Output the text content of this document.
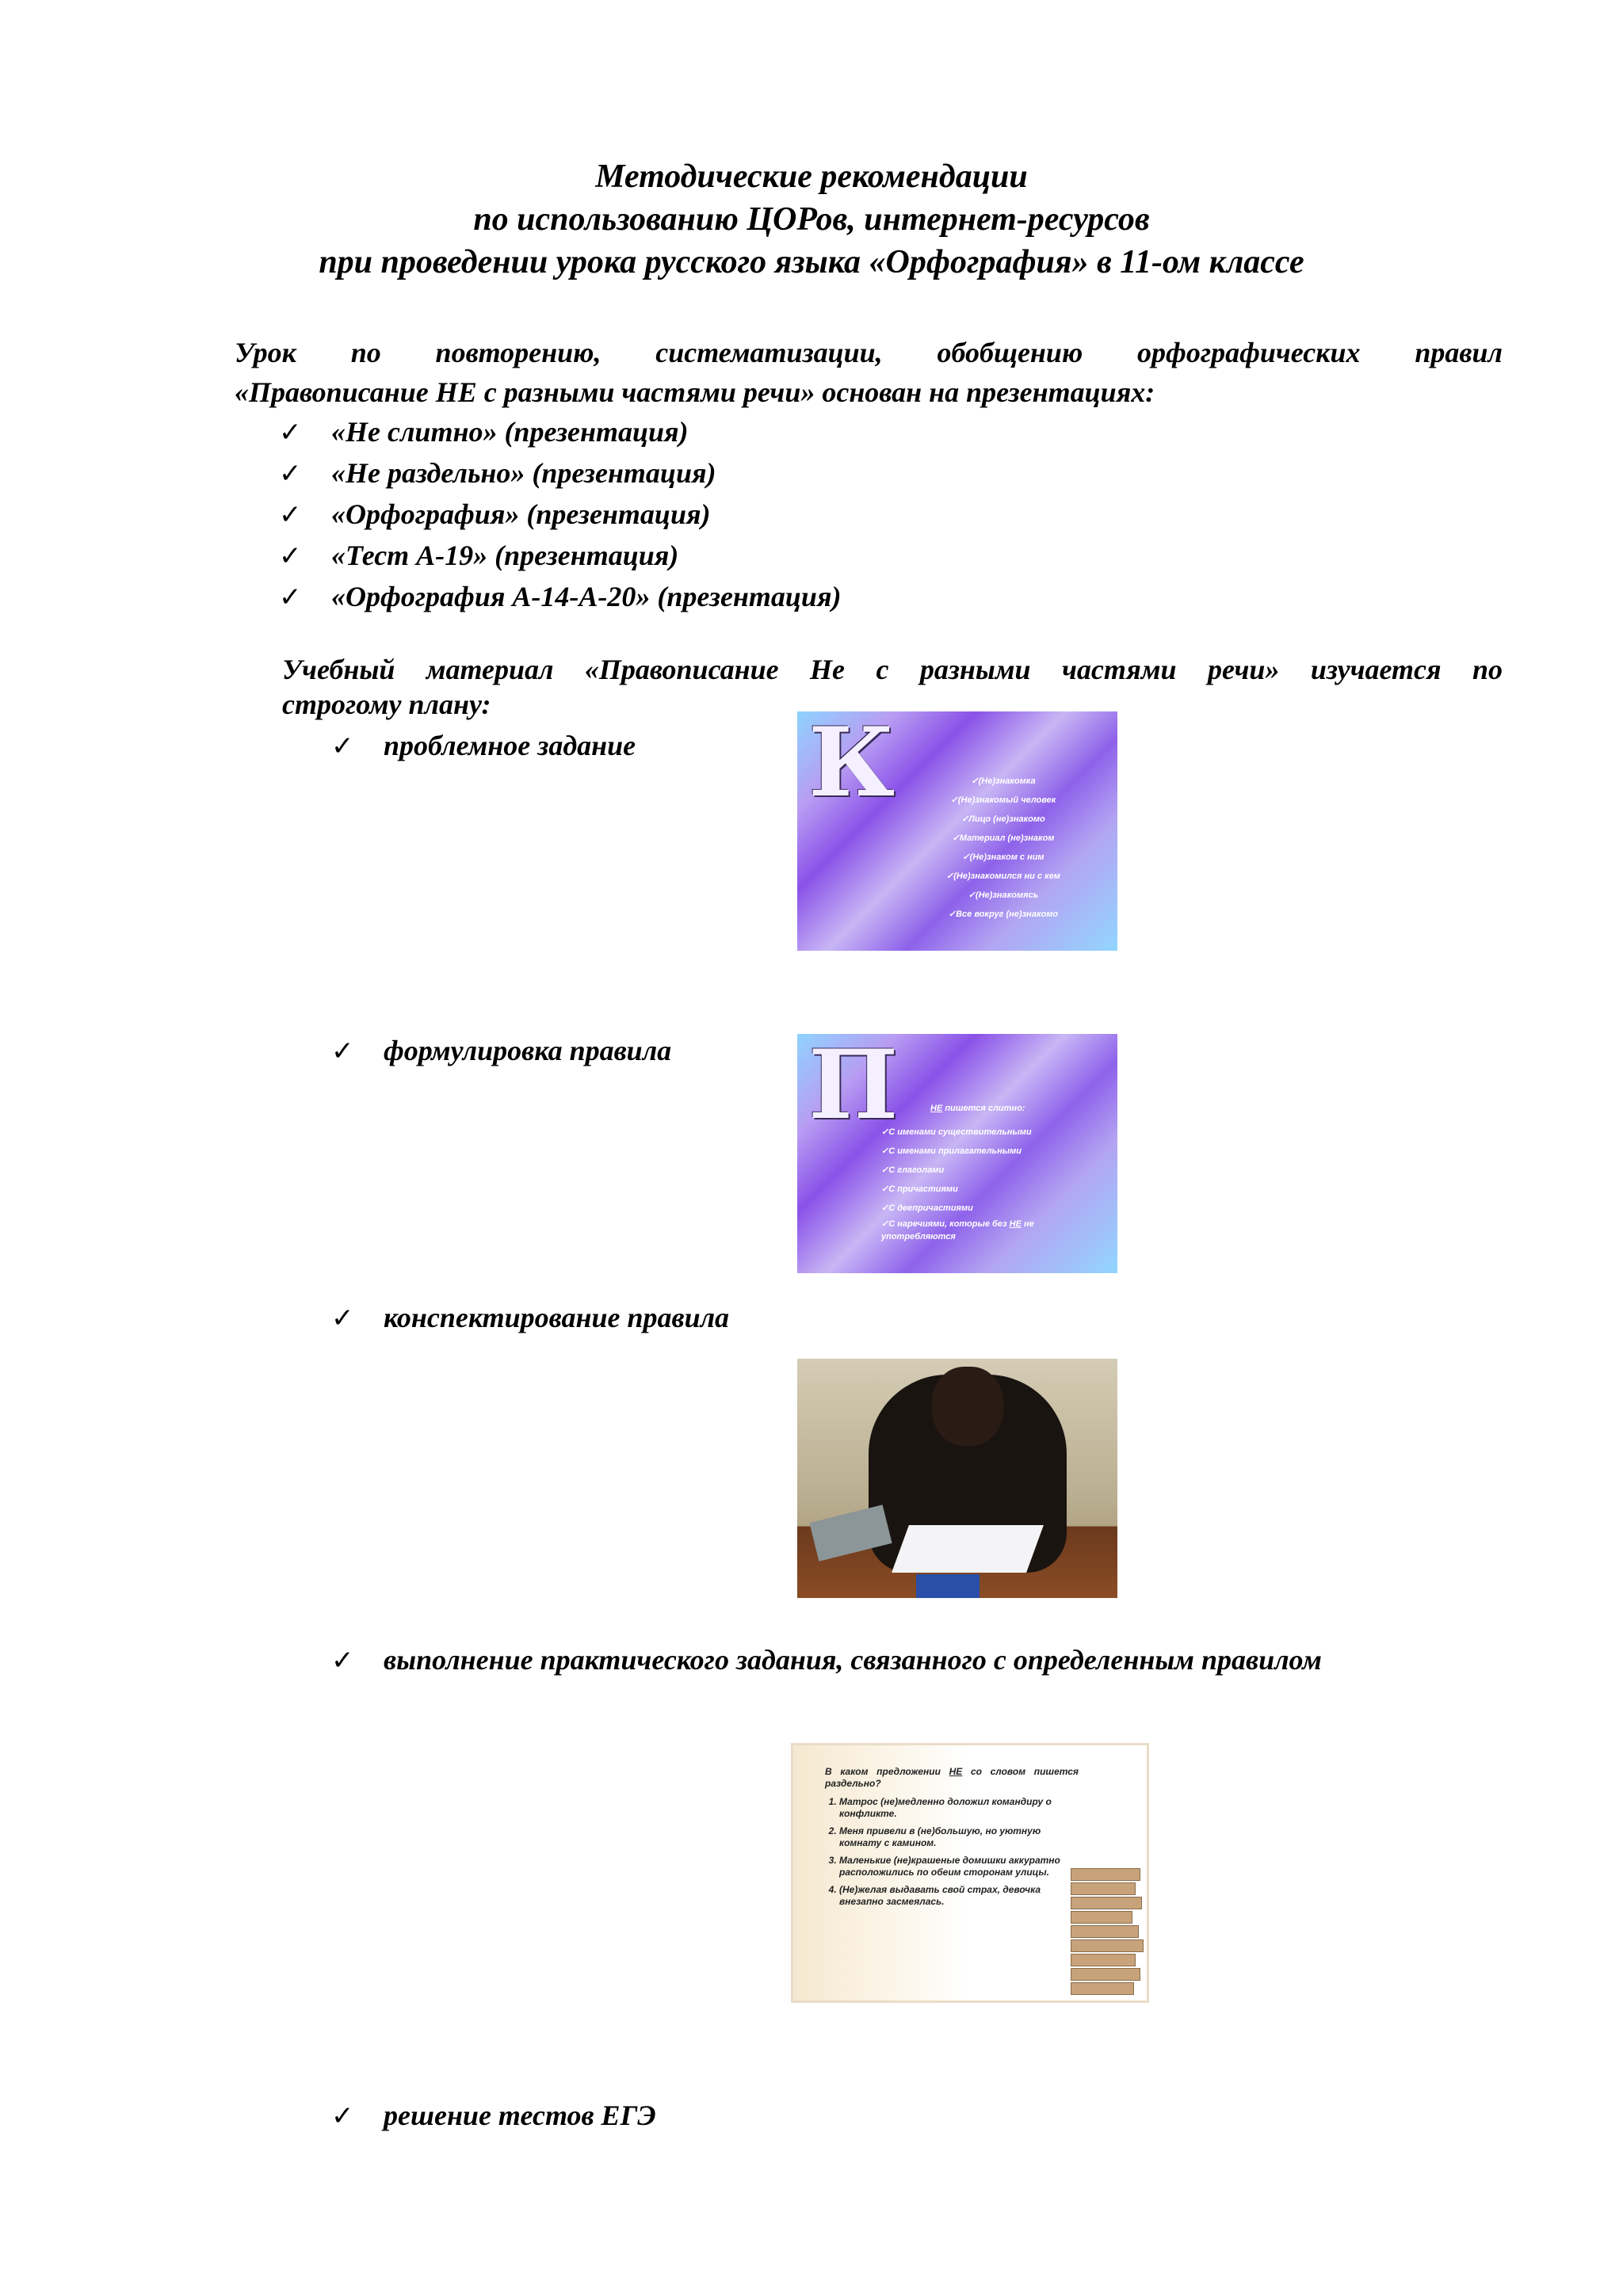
Методические рекомендации
по использованию ЦОРов, интернет-ресурсов
при проведении урока русского языка «Орфография» в 11-ом классе
Урок по повторению, систематизации, обобщению орфографических правил
«Правописание НЕ с разными частями речи» основан на презентациях:
✓ «Не слитно» (презентация)
✓ «Не раздельно» (презентация)
✓ «Орфография» (презентация)
✓ «Тест А-19» (презентация)
✓ «Орфография А-14-А-20» (презентация)
Учебный материал «Правописание Не с разными частями речи» изучается по
строгому плану:
✓ проблемное задание
✓ формулировка правила
✓ конспектирование правила
✓ выполнение практического задания, связанного с определенным правилом
✓ решение тестов ЕГЭ
К	✓(Не)знакомка
✓(Не)знакомый человек
✓Лицо (не)знакомо
✓Материал (не)знаком
✓(Не)знаком с ним
✓(Не)знакомился ни с кем
✓(Не)знакомясь
✓Все вокруг (не)знакомо
П	НЕ пишется слитно:
✓С именами существительными
✓С именами прилагательными
✓С глаголами
✓С причастиями
✓С деепричастиями
✓С наречиями, которые без НЕ не употребляются

В каком предложении НЕ со словом пишется раздельно?

1. Матрос (не)медленно доложил командиру о конфликте.
2. Меня привели в (не)большую, но уютную комнату с камином.
3. Маленькие (не)крашеные домишки аккуратно расположились по обеим сторонам улицы.
4. (Не)желая выдавать свой страх, девочка внезапно засмеялась.
